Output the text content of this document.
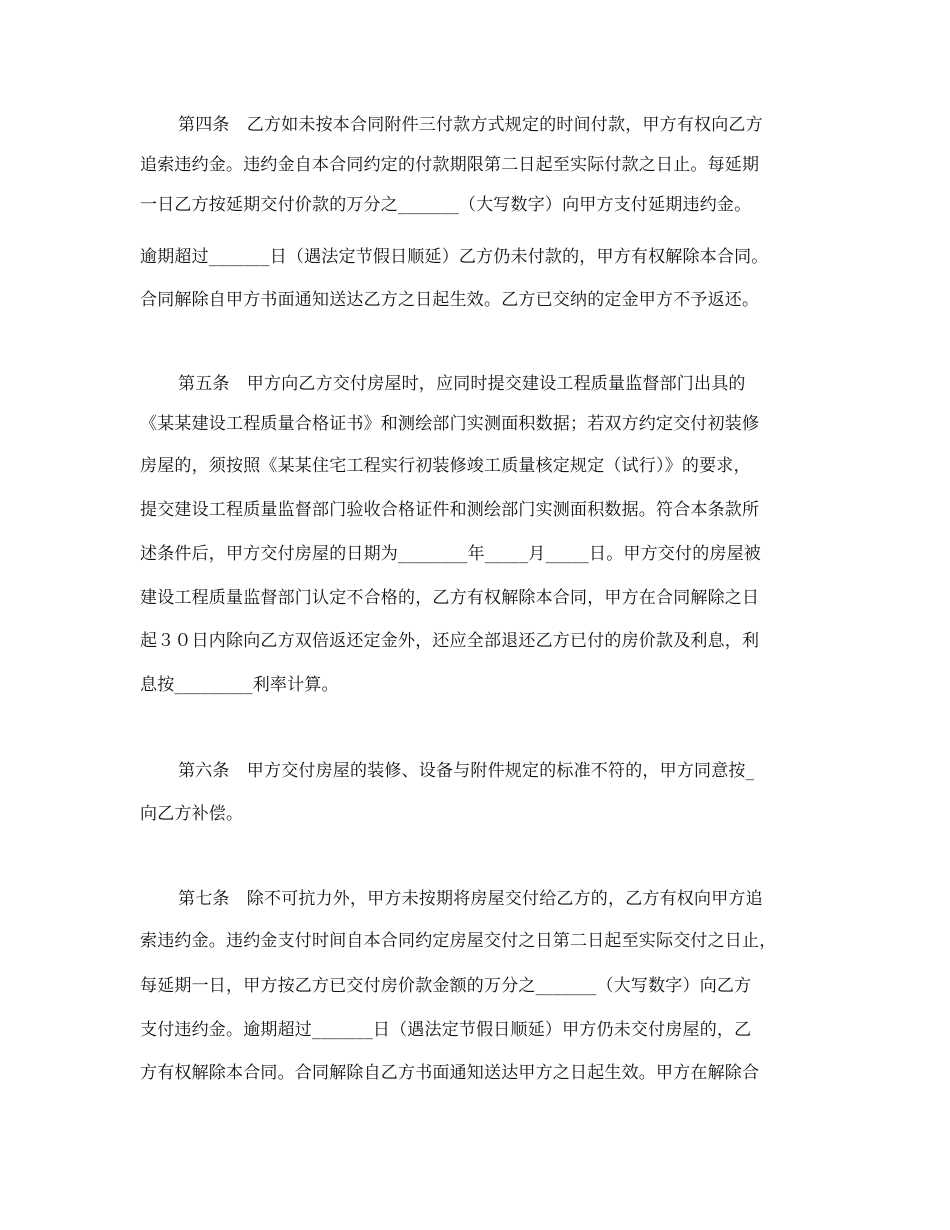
第四条　乙方如未按本合同附件三付款方式规定的时间付款，甲方有权向乙方
追索违约金。违约金自本合同约定的付款期限第二日起至实际付款之日止。每延期
一日乙方按延期交付价款的万分之_______（大写数字）向甲方支付延期违约金。
逾期超过_______日（遇法定节假日顺延）乙方仍未付款的，甲方有权解除本合同。
合同解除自甲方书面通知送达乙方之日起生效。乙方已交纳的定金甲方不予返还。
第五条　甲方向乙方交付房屋时，应同时提交建设工程质量监督部门出具的
《某某建设工程质量合格证书》和测绘部门实测面积数据；若双方约定交付初装修
房屋的，须按照《某某住宅工程实行初装修竣工质量核定规定（试行）》的要求，
提交建设工程质量监督部门验收合格证件和测绘部门实测面积数据。符合本条款所
述条件后，甲方交付房屋的日期为________年_____月_____日。甲方交付的房屋被
建设工程质量监督部门认定不合格的，乙方有权解除本合同，甲方在合同解除之日
起３０日内除向乙方双倍返还定金外，还应全部退还乙方已付的房价款及利息，利
息按_________利率计算。
第六条　甲方交付房屋的装修、设备与附件规定的标准不符的，甲方同意按_
向乙方补偿。
第七条　除不可抗力外，甲方未按期将房屋交付给乙方的，乙方有权向甲方追
索违约金。违约金支付时间自本合同约定房屋交付之日第二日起至实际交付之日止，
每延期一日，甲方按乙方已交付房价款金额的万分之_______（大写数字）向乙方
支付违约金。逾期超过_______日（遇法定节假日顺延）甲方仍未交付房屋的，乙
方有权解除本合同。合同解除自乙方书面通知送达甲方之日起生效。甲方在解除合
